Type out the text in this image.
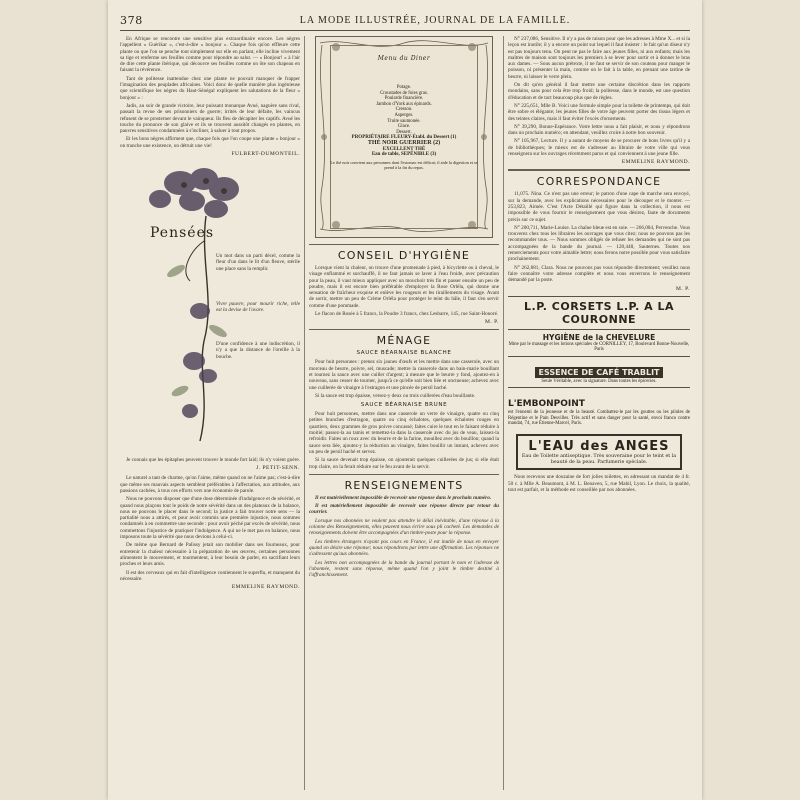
378	LA MODE ILLUSTRÉE, JOURNAL DE LA FAMILLE.

En Afrique se rencontre une sensitive plus extraordinaire encore. Les nègres l'appellent « Guérikar », c'est-à-dire « bonjour ». Chaque fois qu'on effleure cette plante ou que l'on se penche tout simplement sur elle en parlant, elle incline vivement sa tige et renferme ses feuilles comme pour répondre au salut. — « Bonjour! » à l'air de dire cette plante ibérique, qui découvre ses feuilles comme on ôte son chapeau en faisant la révérence.

Tant de politesse inattendue chez une plante ne pouvait manquer de frapper l'imagination des peuplades africaines. Voici donc de quelle manière plus ingénieuse que scientifique les nègres du Haut-Sénégal expliquent les salutations de la fleur « bonjour » :

Jadis, au soir de grande victoire, leur puissant monarque Avué, naguère sans rival, passait la revue de ses prisonniers de guerre; irrités de leur défaite, les vaincus refusent de se prosterner devant le vainqueur. Ils fleu de décapiter les captifs. Avué les touche du prononce de son glaive et ils se trouvent aussitôt changés en plantes, en pauvres sensitives condamnées à s'incliner, à saluer à tout propos.

Et les bons nègres affirment que, chaque fois que l'on coupe une plante « bonjour » on tranche une existence, on détruit une vie!

FULBERT-DUMONTEIL.
Pensées

Un mot dans un parti décel, comme la fleur d'un dans le lit d'un fleuve, stérile une place sans la remplir.

Vivre pauvre, pour mourir riche, telle est la devise de l'avare.

D'une confidence à une indiscrétion, il n'y a que la distance de l'oreille à la bouche.

Je connais que les épitaphes peuvent trouver le monde fort laid; ils n'y voient guère.

J. PETIT-SENN.

Le naturel a tant de charme, qu'on l'aime, même quand on ne l'aime pas; c'est-à-dire que même ses mauvais aspects semblent préférables à l'affectation, aux attitudes, aux passions cachées, à tous ces efforts vers une économie de parole.

Nous ne pouvons disposer que d'une dose déterminée d'indulgence et de sévérité, et quand nous plaçons tout le poids de notre sévérité dans un des plateaux de la balance, nous ne pouvons le placer dans le second; la justice a fait trouver notre sens — la partialité nous a attirés, et pour avoir commis une première injustice, nous sommes condamnés à en commettre une seconde : pour avoir péché par excès de sévérité, nous commettons l'injustice de pratiquer l'indulgence. A qui ne le met pas en balance, nous imposons toute la sévérité que nous devions à celui-ci.

De même que Bernard de Palissy jetait son mobilier dans ses fourneaux, pour entretenir la chaleur nécessaire à la préparation de ses œuvres, certaines personnes alimentent le mouvement, et tourmentent, à leur besoin de parler, en sacrifiant leurs proches et leurs amis.

Il est des cerveaux qui en fait d'intelligence contiennent le superflu, et manquent du nécessaire.

EMMELINE RAYMOND.
Menu du Diner
Potage.
Croustades de foies gras.
Poularde financière.
Jambon d'York aux épinards.
Cresson.
Asperges.
Truite saumonée.
Glace.
Dessert.
PROPRIÉTAIRE FLEURY-Établ. du Dessert (1)
THÉ NOIR GUERRIER (2)
EXCELLENT THÉ
Eau de table, SEPÉNIBLE (3)
Le thé noir convient aux personnes dont l'estomac est délicat; il aide la digestion et se prend à la fin du repas.
CONSEIL D'HYGIÈNE

Lorsque vient la chaleur, on trouve d'une promenade à pied, à bicyclette ou à cheval, le visage enflammé et surchauffé, il ne faut jamais se laver à l'eau froide, avec précaution pour la peau, il vaut mieux appliquer avec un mouchoir très fin et passer ensuite un peu de poudre, mais il est encore bien préférable d'employer la Rose Orléla, qui donne une sensation de fraîcheur exquise et enlève les rougeurs et les tiraillements du visage. Avant de sortir, mettre un peu de Crème Orléla pour protéger le teint du hâle, il faut s'en servir comme d'une pommade.

Le flacon de Rosée à 5 francs, la Poudre 3 francs, chez Lesbarre, 145, rue Saint-Honoré.

M. P.
MÉNAGE
SAUCE BÉARNAISE BLANCHE

Pour huit personnes : prenez six jaunes d'œufs et les mettre dans une casserole, avec un morceau de beurre, poivre, sel, muscade; mettre la casserole dans un bain-marie bouillant et tournez la sauce avec une cuiller d'argent; à mesure que le beurre y fond, ajoutez-en à nouveau, sans cesser de tourner, jusqu'à ce qu'elle soit bien liée et onctueuse; achevez avec une cuillerée de vinaigre à l'estragon et une pincée de persil haché.

Si la sauce est trop épaisse, versez-y deux ou trois cuillerées d'eau bouillante.

SAUCE BÉARNAISE BRUNE

Pour huit personnes, mettre dans une casserole un verre de vinaigre, quatre ou cinq petites branches d'estragon, quatre ou cinq échalotes, quelques échalotes rouges en quartiers, deux grammes de gros poivre concassé; faites cuire le tout en le faisant réduire à moitié; passez-la au tamis et remettez-la dans la casserole avec du jus de veau, laissez-la refroidir. Faites un roux avec du beurre et de la farine, mouillez avec du bouillon; quand la sauce sera liée, ajoutez-y la réduction au vinaigre, faites bouillir un instant, achevez avec un peu de persil haché et servez.

Si la sauce devenait trop épaisse, on ajouterait quelques cuillerées de jus; si elle était trop claire, on la ferait réduire sur le feu avant de la servir.

RENSEIGNEMENTS

Il est matériellement impossible de recevoir une réponse dans le prochain numéro.

Il est matériellement impossible de recevoir une réponse directe par retour du courrier.

Lorsque nos abonnées ne veulent pas attendre le délai inévitable, d'une réponse à la colonne des Renseignements, elles peuvent nous écrire sous pli cacheté. Les demandes de renseignements doivent être accompagnées d'un timbre-poste pour la réponse.

Les timbres étrangers n'ayant pas cours en France, il est inutile de nous en envoyer quand on désire une réponse; nous répondrons par lettre une affirmation. Les réponses ne s'adressent qu'aux abonnées.

Les lettres non accompagnées de la bande du journal portant le nom et l'adresse de l'abonnée, restent sans réponse, même quand l'on y joint le timbre destiné à l'affranchissement.

N° 237,086, Sensitive. Il n'y a pas de raison pour que les adresses à Mme X... et si la leçon est inutile; il y a encore un point sur lequel il faut insister : le fait qu'un diseur n'y est pas toujours tenu. On peut ne pas le faire aux jeunes filles, ni aux enfants; mais les maîtres de maison sont toujours les premiers à se lever pour sortir et à donner le bras aux dames. — Sous aucun prétexte, il ne faut se servir de son couteau pour manger le poisson, ni présenter la main, comme on le fait à la table, en prenant une tartine de beurre, ni laisser le verre plein.

On dit qu'en général il faut mettre une certaine discrétion dans les rapports mondains, sans pour cela être trop froid; la politesse, dans le monde, est une question d'éducation et de tact beaucoup plus que de règles.

N° 225,651, Mlle B. Voici une formule simple pour la toilette de printemps, qui doit être sobre et élégante; les jeunes filles de votre âge peuvent porter des tissus légers et des teintes claires, mais il faut éviter l'excès d'ornements.

N° 39,290, Bonne-Espérance. Votre lettre nous a fait plaisir, et nous y répondrons dans un prochain numéro; en attendant, veuillez croire à notre bon souvenir.

N° 105,967, Lecture. Il y a autant de moyens de se procurer de bons livres qu'il y a de bibliothèques; le mieux est de s'adresser au libraire de votre ville qui vous renseignera sur les ouvrages récemment parus et qui conviennent à une jeune fille.

EMMELINE RAYMOND.
CORRESPONDANCE

11,075. Nina. Ce n'est pas une erreur; le patron d'une cape de marche sera envoyé, sur la demande, avec les explications nécessaires pour le découper et le monter. — 253,823, Aimée. C'est l'Acte Détaillé qui figure dans la collection, il nous est impossible de vous fournir le renseignement que vous désirez, faute de documents précis sur ce sujet.

N° 200,711, Marie-Louise. La chaîne bleue est en soie. — 266,004, Pervenche. Vous trouverez chez tous les libraires les ouvrages que vous citez; nous ne pouvons pas les recommander tous. — Nous sommes obligés de refuser les demandes qui ne sont pas accompagnées de la bande du journal. — 120,448, Sauternes. Toutes nos remerciements pour votre aimable lettre; nous ferons notre possible pour vous satisfaire prochainement.

N° 262,881, Clara. Nous ne pouvons pas vous répondre directement; veuillez nous faire connaître votre adresse complète et nous vous enverrons le renseignement demandé par la poste.

M. P.
L.P. CORSETS L.P. A LA COURONNE
HYGIÈNE de la CHEVELURE
Mme par le massage et les lotions spéciales de CORNILLEY, 17, Boulevard Bonne-Nouvelle, Paris
ESSENCE DE CAFÉ TRABLIT
Seule Véritable, avec la signature. Dans toutes les épiceries.
L'EMBONPOINT
est l'ennemi de la jeunesse et de la beauté. Combattez-le par les gouttes ou les pilules de Régentine et le Pain Desvilles. Très actif et sans danger pour la santé, envoi franco contre mandat, 74, rue Étienne-Marcel, Paris.
L'EAU des ANGES
Eau de Toilette antiseptique. Très souveraine pour le teint et la beauté de la peau. Parfumerie spéciale.

Nous recevons une douzaine de fort jolies toilettes, en adressant un mandat de 4 fr. 50 c. à Mlle A. Beaumont, à M. L. Benaven, 5, rue Mabil, Lyon. Le choix, la qualité, tout est parfait, et la méthode est conseillée par nos abonnées.
